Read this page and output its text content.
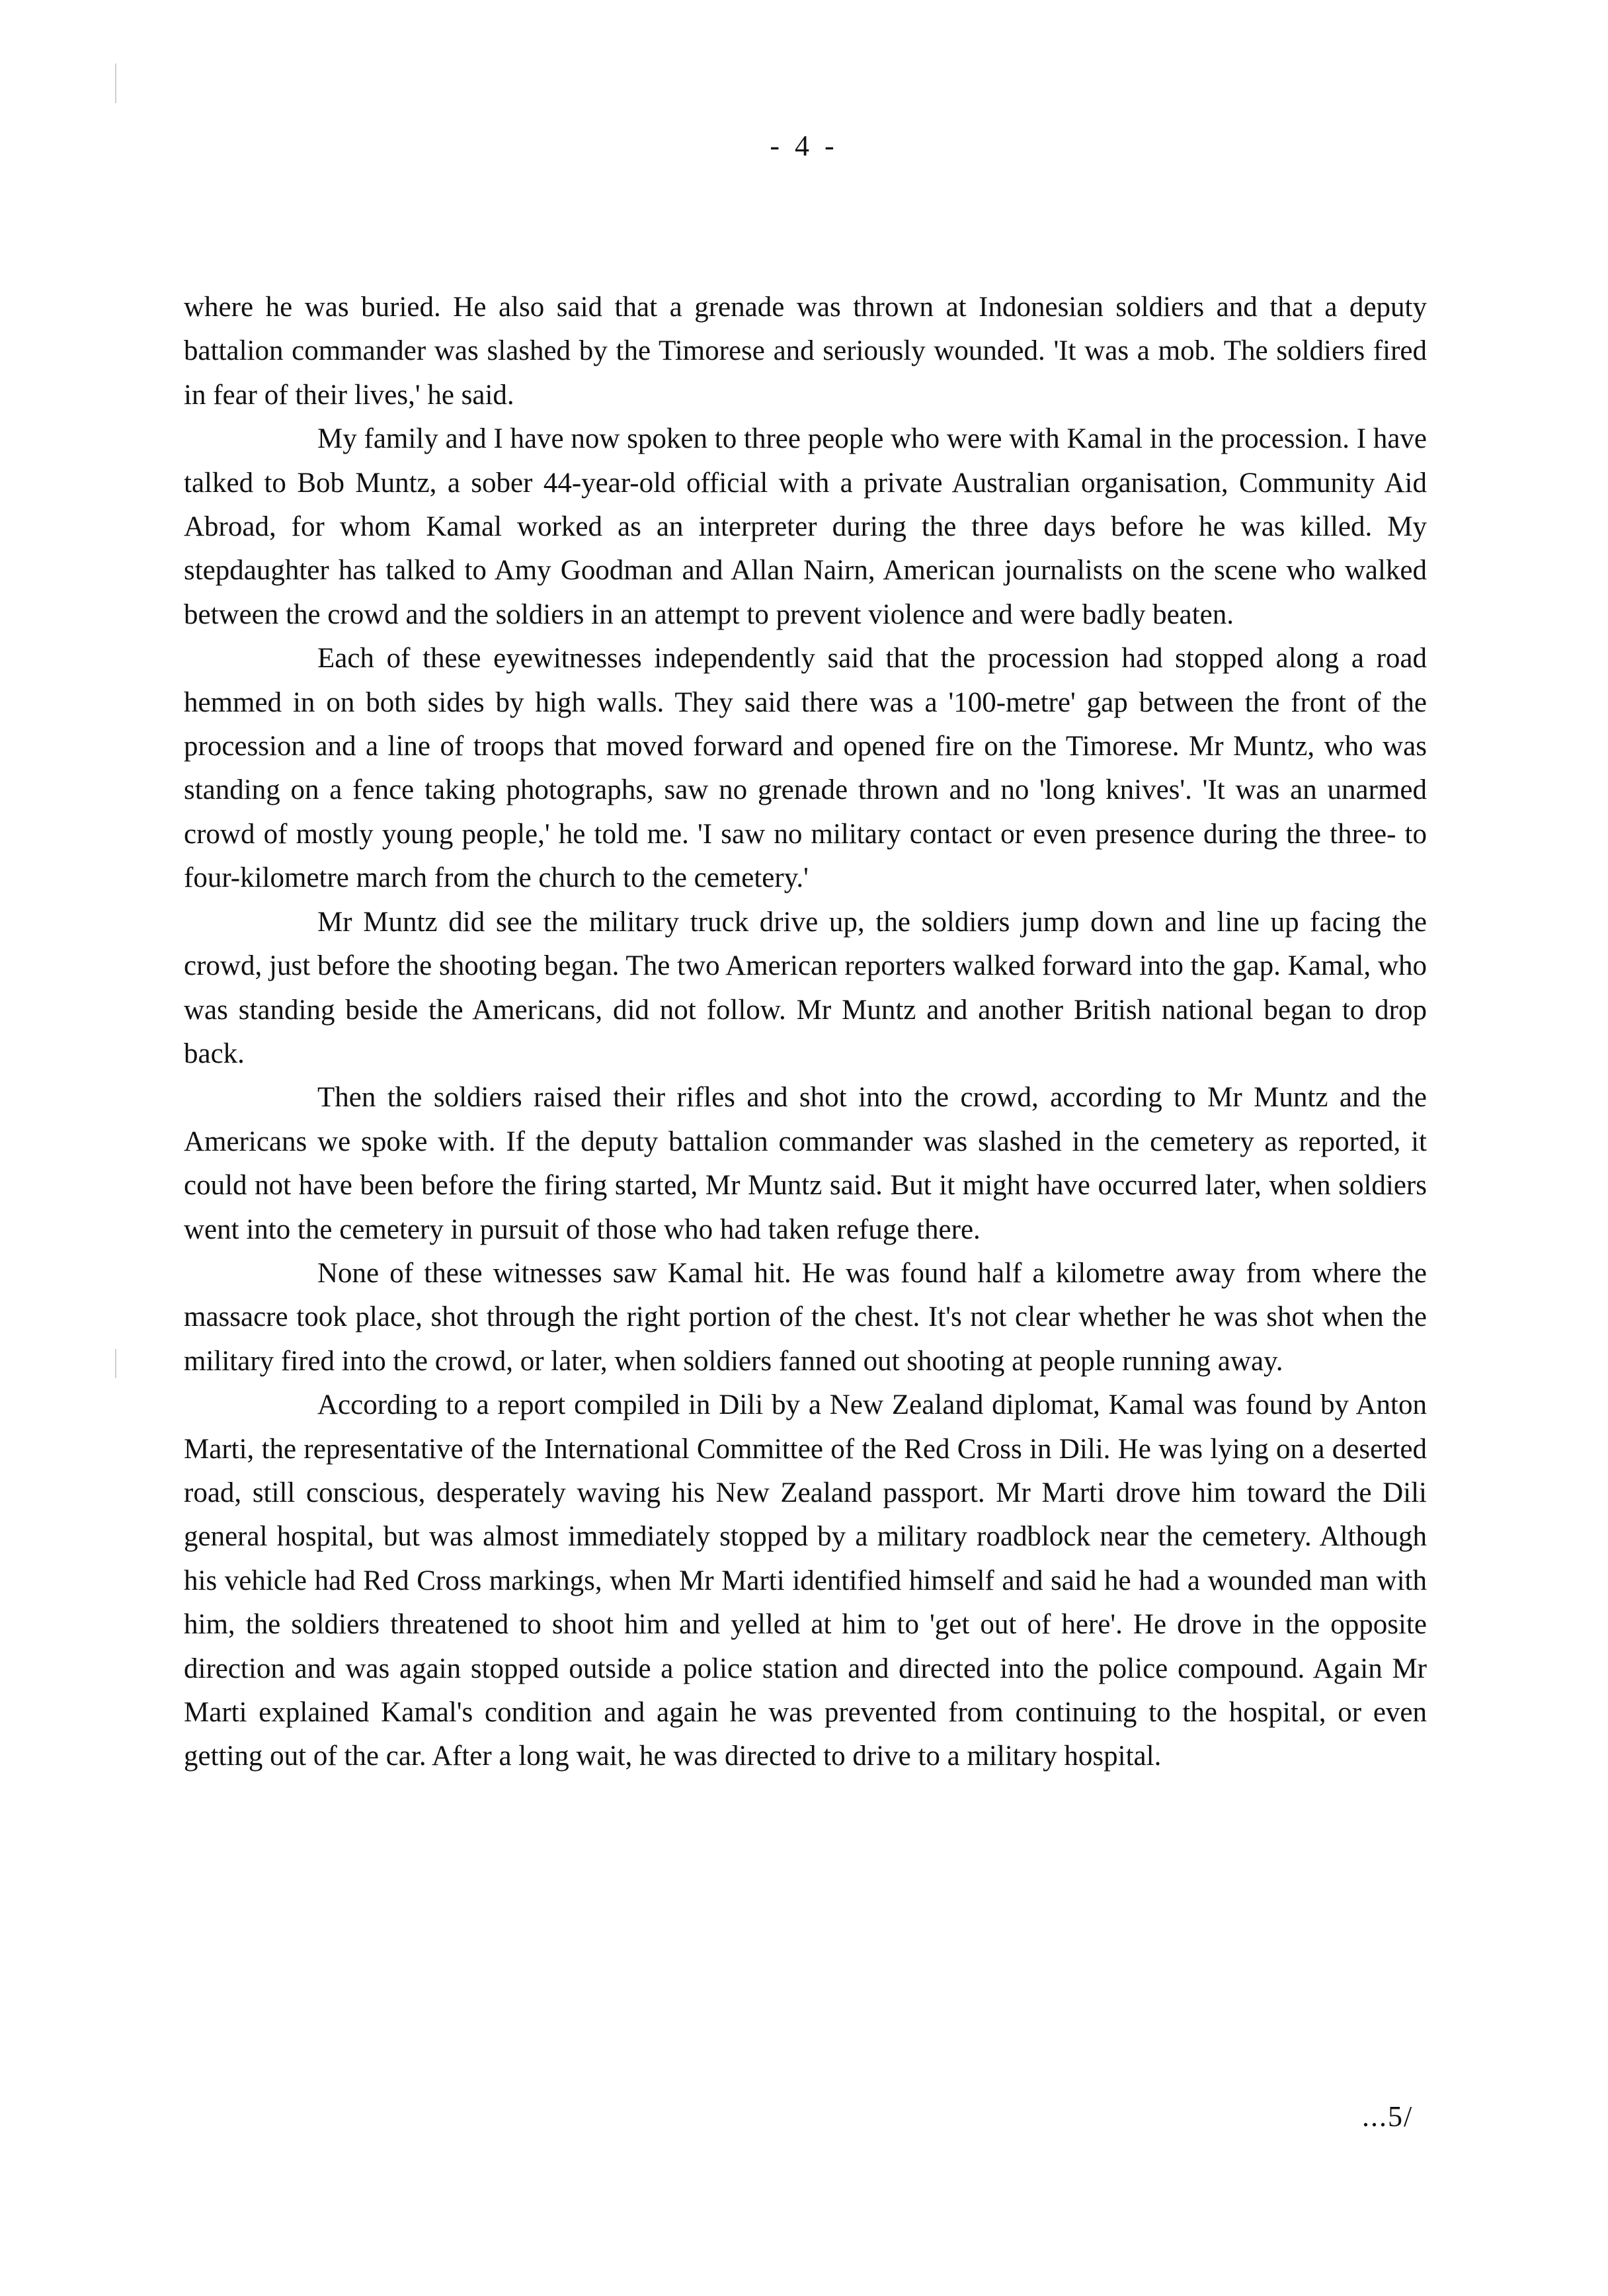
- 4 -

where he was buried. He also said that a grenade was thrown at Indonesian soldiers and that a deputy battalion commander was slashed by the Timorese and seriously wounded. 'It was a mob. The soldiers fired in fear of their lives,' he said.

My family and I have now spoken to three people who were with Kamal in the procession. I have talked to Bob Muntz, a sober 44-year-old official with a private Australian organisation, Community Aid Abroad, for whom Kamal worked as an interpreter during the three days before he was killed. My stepdaughter has talked to Amy Goodman and Allan Nairn, American journalists on the scene who walked between the crowd and the soldiers in an attempt to prevent violence and were badly beaten.

Each of these eyewitnesses independently said that the procession had stopped along a road hemmed in on both sides by high walls. They said there was a '100-metre' gap between the front of the procession and a line of troops that moved forward and opened fire on the Timorese. Mr Muntz, who was standing on a fence taking photographs, saw no grenade thrown and no 'long knives'. 'It was an unarmed crowd of mostly young people,' he told me. 'I saw no military contact or even presence during the three- to four-kilometre march from the church to the cemetery.'

Mr Muntz did see the military truck drive up, the soldiers jump down and line up facing the crowd, just before the shooting began. The two American reporters walked forward into the gap. Kamal, who was standing beside the Americans, did not follow. Mr Muntz and another British national began to drop back.

Then the soldiers raised their rifles and shot into the crowd, according to Mr Muntz and the Americans we spoke with. If the deputy battalion commander was slashed in the cemetery as reported, it could not have been before the firing started, Mr Muntz said. But it might have occurred later, when soldiers went into the cemetery in pursuit of those who had taken refuge there.

None of these witnesses saw Kamal hit. He was found half a kilometre away from where the massacre took place, shot through the right portion of the chest. It's not clear whether he was shot when the military fired into the crowd, or later, when soldiers fanned out shooting at people running away.

According to a report compiled in Dili by a New Zealand diplomat, Kamal was found by Anton Marti, the representative of the International Committee of the Red Cross in Dili. He was lying on a deserted road, still conscious, desperately waving his New Zealand passport. Mr Marti drove him toward the Dili general hospital, but was almost immediately stopped by a military roadblock near the cemetery. Although his vehicle had Red Cross markings, when Mr Marti identified himself and said he had a wounded man with him, the soldiers threatened to shoot him and yelled at him to 'get out of here'. He drove in the opposite direction and was again stopped outside a police station and directed into the police compound. Again Mr Marti explained Kamal's condition and again he was prevented from continuing to the hospital, or even getting out of the car. After a long wait, he was directed to drive to a military hospital.

...5/
